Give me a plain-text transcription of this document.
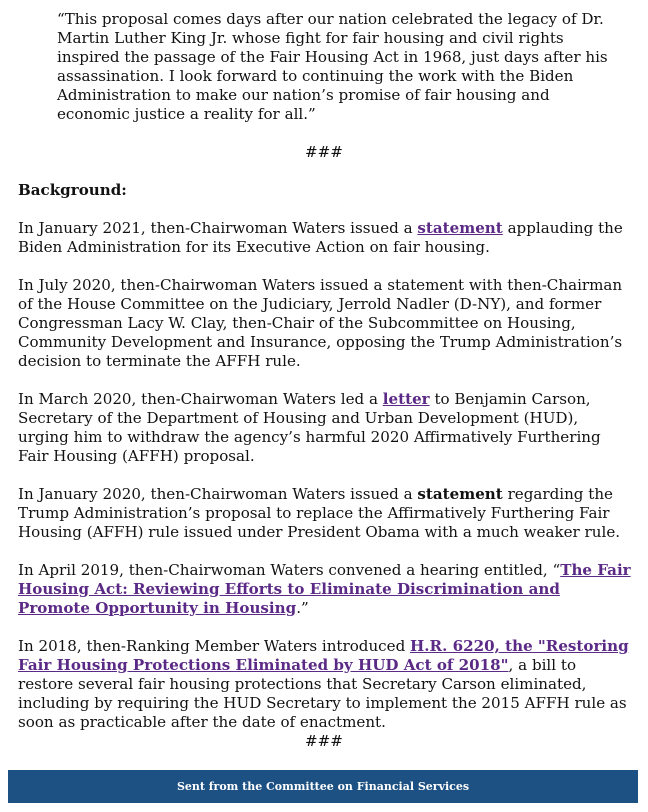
“This proposal comes days after our nation celebrated the legacy of Dr. Martin Luther King Jr. whose fight for fair housing and civil rights inspired the passage of the Fair Housing Act in 1968, just days after his assassination. I look forward to continuing the work with the Biden Administration to make our nation’s promise of fair housing and economic justice a reality for all.”
###
Background:

In January 2021, then-Chairwoman Waters issued a statement applauding the Biden Administration for its Executive Action on fair housing.

In July 2020, then-Chairwoman Waters issued a statement with then-Chairman of the House Committee on the Judiciary, Jerrold Nadler (D-NY), and former Congressman Lacy W. Clay, then-Chair of the Subcommittee on Housing, Community Development and Insurance, opposing the Trump Administration’s decision to terminate the AFFH rule.

In March 2020, then-Chairwoman Waters led a letter to Benjamin Carson, Secretary of the Department of Housing and Urban Development (HUD), urging him to withdraw the agency’s harmful 2020 Affirmatively Furthering Fair Housing (AFFH) proposal.

In January 2020, then-Chairwoman Waters issued a statement regarding the Trump Administration’s proposal to replace the Affirmatively Furthering Fair Housing (AFFH) rule issued under President Obama with a much weaker rule.

In April 2019, then-Chairwoman Waters convened a hearing entitled, “The Fair Housing Act: Reviewing Efforts to Eliminate Discrimination and Promote Opportunity in Housing.”

In 2018, then-Ranking Member Waters introduced H.R. 6220, the "Restoring Fair Housing Protections Eliminated by HUD Act of 2018", a bill to restore several fair housing protections that Secretary Carson eliminated, including by requiring the HUD Secretary to implement the 2015 AFFH rule as soon as practicable after the date of enactment.

###
Sent from the Committee on Financial Services
